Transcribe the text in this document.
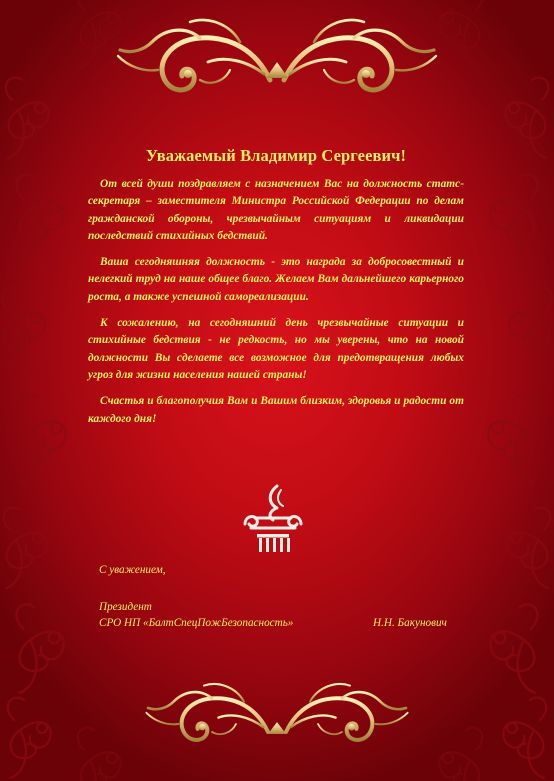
Уважаемый Владимир Сергеевич!

От всей души поздравляем с назначением Вас на должность статс-секретаря – заместителя Министра Российской Федерации по делам гражданской обороны, чрезвычайным ситуациям и ликвидации последствий стихийных бедствий.

Ваша сегодняшняя должность - это награда за добросовестный и нелегкий труд на наше общее благо. Желаем Вам дальнейшего карьерного роста, а также успешной самореализации.

К сожалению, на сегодняшний день чрезвычайные ситуации и стихийные бедствия - не редкость, но мы уверены, что на новой должности Вы сделаете все возможное для предотвращения любых угроз для жизни населения нашей страны!

Счастья и благополучия Вам и Вашим близким, здоровья и радости от каждого дня!

С уважением,
Президент
СРО НП «БалтСпецПожБезопасность»	Н.Н. Бакунович
